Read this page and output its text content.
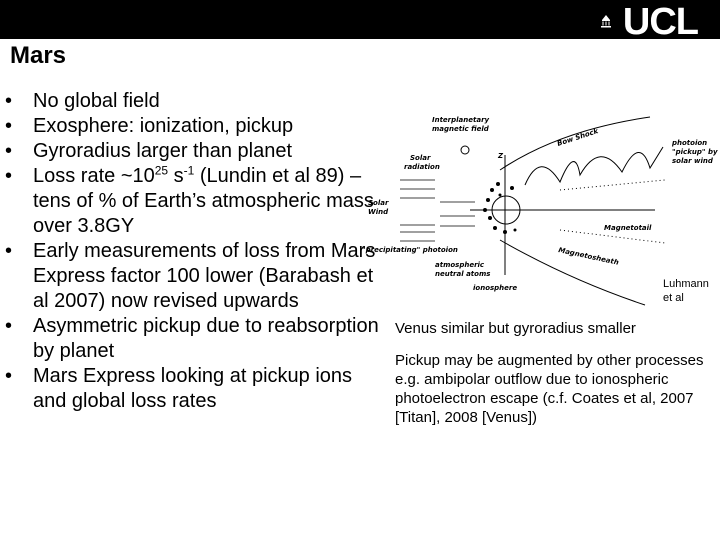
UCL
Mars
• No global field
• Exosphere: ionization, pickup
• Gyroradius larger than planet
• Loss rate $\sim 10^{25}$ $s^{-1}$ (Lundin et al 89) – tens of % of Earth’s atmospheric mass over 3.8GY
• Early measurements of loss from Mars Express factor 100 lower (Barabash et al 2007) now revised upwards
• Asymmetric pickup due to reabsorption by planet
• Mars Express looking at pickup ions and global loss rates
Interplanetary
magnetic field	Bow Shock	photoion
"pickup" by
solar wind
Solar
radiation
Z
Solar
Wind
Magnetotail
"precipitating" photoion	Magnetosheath
atmospheric
neutral atoms
ionosphere	Luhmann
et al
Venus similar but gyroradius smaller
Pickup may be augmented by other processes e.g. ambipolar outflow due to ionospheric photoelectron escape (c.f. Coates et al, 2007 [Titan], 2008 [Venus])
